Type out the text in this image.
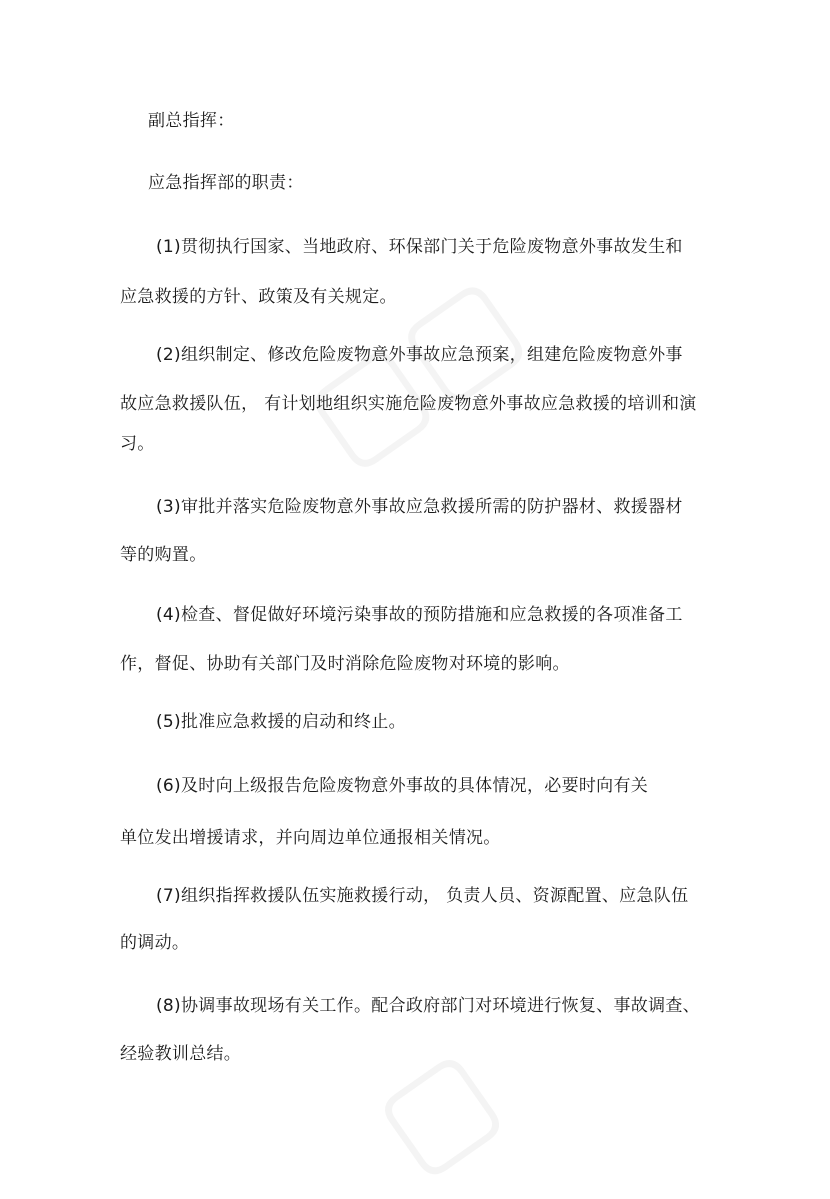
副总指挥：
应急指挥部的职责：
(1)贯彻执行国家、当地政府、环保部门关于危险废物意外事故发生和
应急救援的方针、政策及有关规定。
(2)组织制定、修改危险废物意外事故应急预案，组建危险废物意外事
故应急救援队伍， 有计划地组织实施危险废物意外事故应急救援的培训和演
习。
(3)审批并落实危险废物意外事故应急救援所需的防护器材、救援器材
等的购置。
(4)检查、督促做好环境污染事故的预防措施和应急救援的各项准备工
作，督促、协助有关部门及时消除危险废物对环境的影响。
(5)批准应急救援的启动和终止。
(6)及时向上级报告危险废物意外事故的具体情况，必要时向有关
单位发出增援请求，并向周边单位通报相关情况。
(7)组织指挥救援队伍实施救援行动， 负责人员、资源配置、应急队伍
的调动。
(8)协调事故现场有关工作。配合政府部门对环境进行恢复、事故调查、
经验教训总结。
